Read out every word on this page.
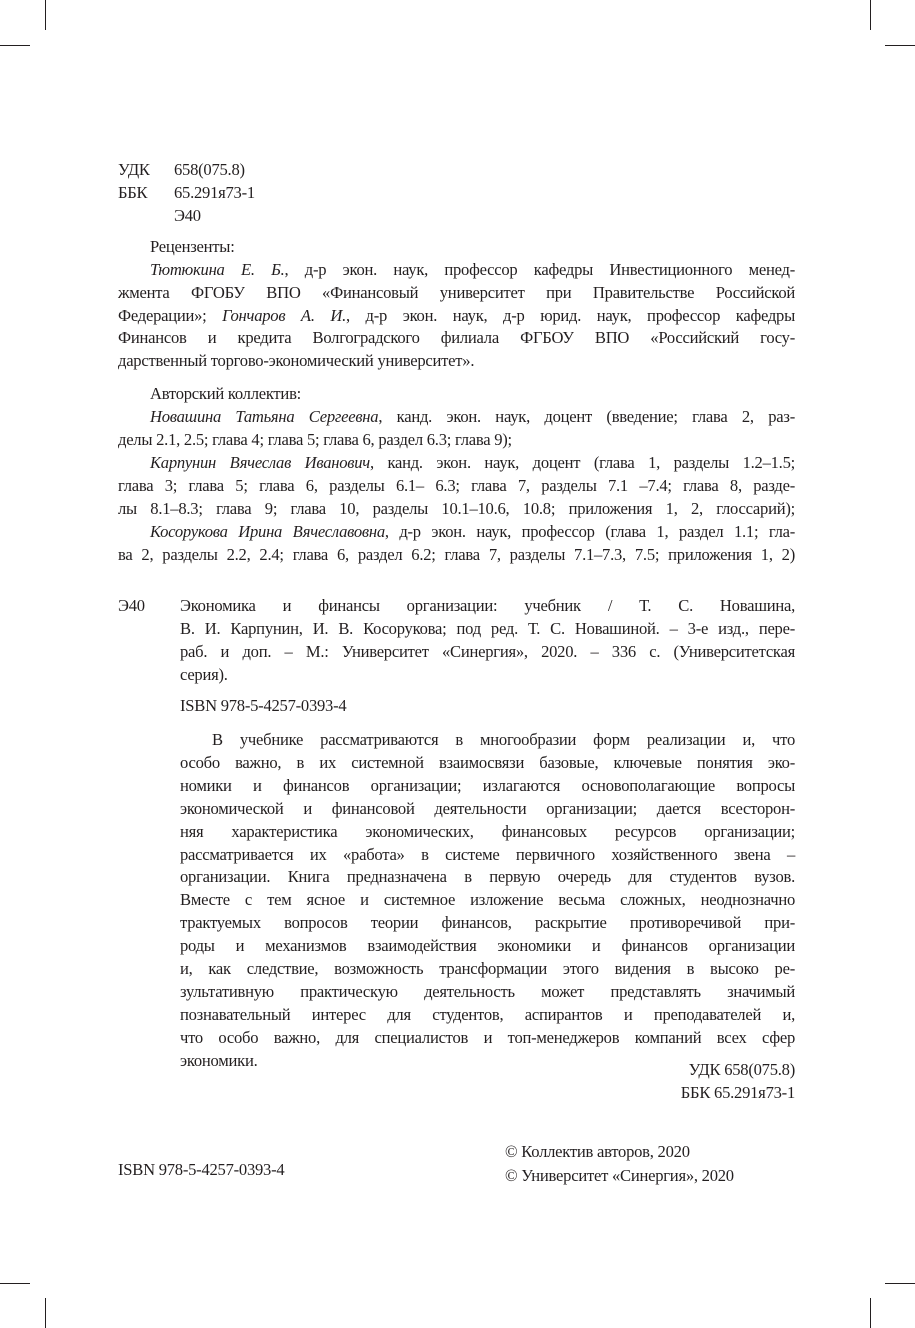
УДК 658(075.8)
ББК 65.291я73-1
Э40
Рецензенты:
Тютюкина Е. Б., д-р экон. наук, профессор кафедры Инвестиционного менед-
жмента ФГОБУ ВПО «Финансовый университет при Правительстве Российской
Федерации»; Гончаров А. И., д-р экон. наук, д-р юрид. наук, профессор кафедры
Финансов и кредита Волгоградского филиала ФГБОУ ВПО «Российский госу-
дарственный торгово-экономический университет».
Авторский коллектив:
Новашина Татьяна Сергеевна, канд. экон. наук, доцент (введение; глава 2, раз-
делы 2.1, 2.5; глава 4; глава 5; глава 6, раздел 6.3; глава 9);
Карпунин Вячеслав Иванович, канд. экон. наук, доцент (глава 1, разделы 1.2–1.5;
глава 3; глава 5; глава 6, разделы 6.1– 6.3; глава 7, разделы 7.1 –7.4; глава 8, разде-
лы 8.1–8.3; глава 9; глава 10, разделы 10.1–10.6, 10.8; приложения 1, 2, глоссарий);
Косорукова Ирина Вячеславовна, д-р экон. наук, профессор (глава 1, раздел 1.1; гла-
ва 2, разделы 2.2, 2.4; глава 6, раздел 6.2; глава 7, разделы 7.1–7.3, 7.5; приложения 1, 2)
Э40 Экономика и финансы организации: учебник / Т. С. Новашина,
В. И. Карпунин, И. В. Косорукова; под ред. Т. С. Новашиной. – 3-е изд., пере-
раб. и доп. – М.: Университет «Синергия», 2020. – 336 с. (Университетская
серия).
ISBN 978-5-4257-0393-4
В учебнике рассматриваются в многообразии форм реализации и, что
особо важно, в их системной взаимосвязи базовые, ключевые понятия эко-
номики и финансов организации; излагаются основополагающие вопросы
экономической и финансовой деятельности организации; дается всесторон-
няя характеристика экономических, финансовых ресурсов организации;
рассматривается их «работа» в системе первичного хозяйственного звена –
организации. Книга предназначена в первую очередь для студентов вузов.
Вместе с тем ясное и системное изложение весьма сложных, неоднозначно
трактуемых вопросов теории финансов, раскрытие противоречивой при-
роды и механизмов взаимодействия экономики и финансов организации
и, как следствие, возможность трансформации этого видения в высоко ре-
зультативную практическую деятельность может представлять значимый
познавательный интерес для студентов, аспирантов и преподавателей и,
что особо важно, для специалистов и топ-менеджеров компаний всех сфер
экономики.	УДК 658(075.8)
ББК 65.291я73-1
ISBN 978-5-4257-0393-4
© Коллектив авторов, 2020
© Университет «Синергия», 2020
